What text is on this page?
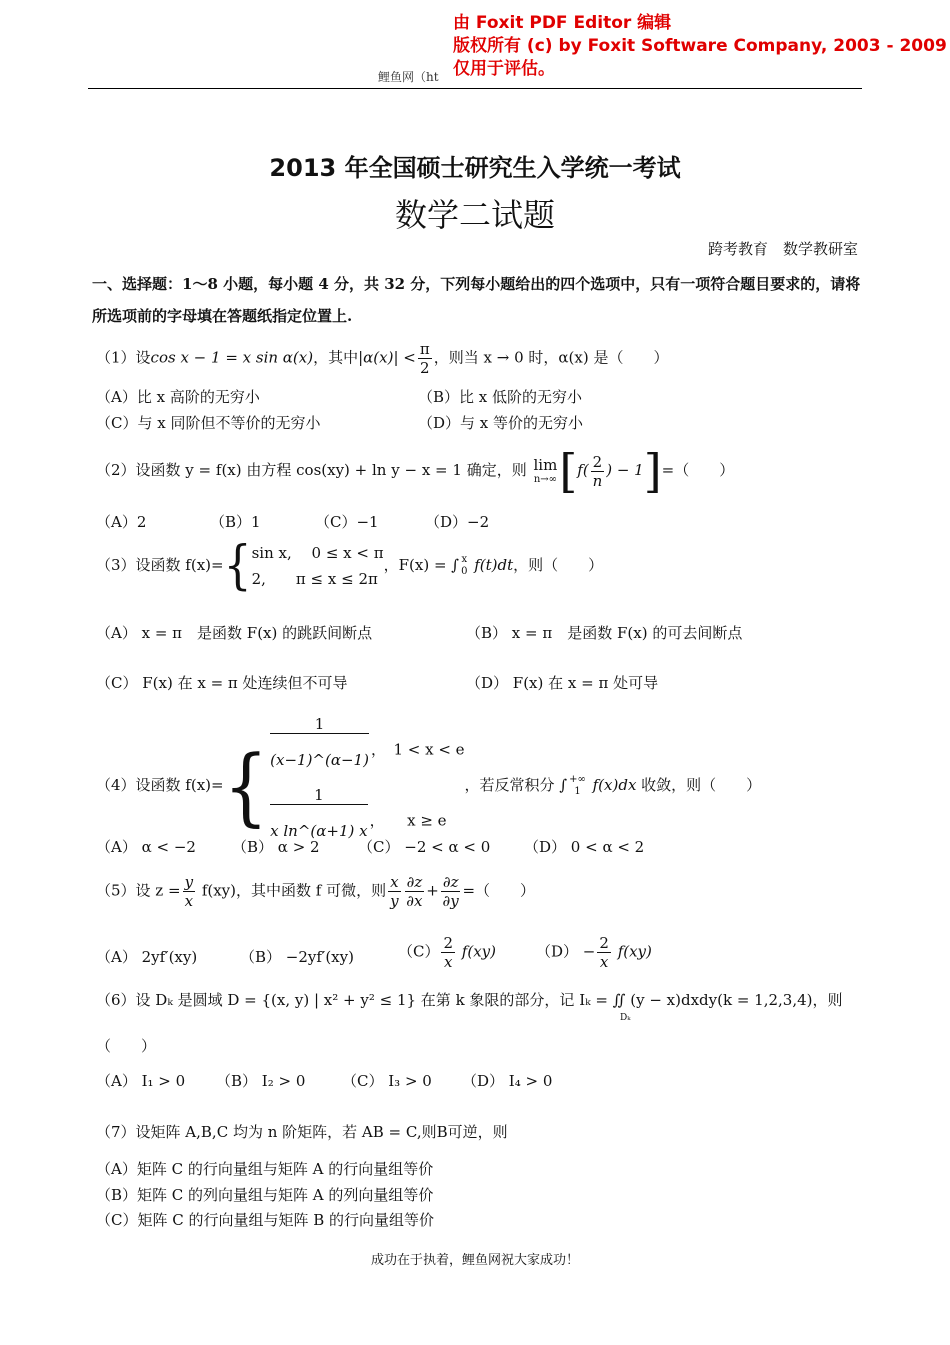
由 Foxit PDF Editor 编辑
版权所有 (c) by Foxit Software Company, 2003 - 2009
仅用于评估。
鲤鱼网（ht
2013 年全国硕士研究生入学统一考试
数学二试题
跨考教育　数学教研室
一、选择题：1～8 小题，每小题 4 分，共 32 分，下列每小题给出的四个选项中，只有一项符合题目要求的，请将所选项前的字母填在答题纸指定位置上.
（1）设cos x − 1 = x sin α(x)，其中$|\alpha(x)| < \frac{\pi}{2}$ ，则当 x → 0 时，α(x) 是（　　）
（A）比 x 高阶的无穷小	（B）比 x 低阶的无穷小
（C）与 x 同阶但不等价的无穷小	（D）与 x 等价的无穷小
（2）设函数 y = f(x) 由方程 cos(xy) + ln y − x = 1 确定，则 lim
n→∞ [$f( \frac{2}{n}$ ) − 1]=（　　）
（A）2	（B）1	（C）−1	（D）−2
（3）设函数 f(x)={ sin x,　 0 ≤ x < π
2,　　π ≤ x ≤ 2π
，F(x) = ∫ x
0 f(t)dt，则（　　）
（A） x = π　是函数 F(x) 的跳跃间断点	（B） x = π　是函数 F(x) 的可去间断点
（C） F(x) 在 x = π 处连续但不可导	（D） F(x) 在 x = π 处可导
（4）设函数 $f(x)=\{ \frac{1}{(x-1)\^{}(\alpha-1)}$ ，　1 < x < e
$\frac{1}{\text{x ln\textasciicircum{}(α+1) x}}$ ，　　x ≥ e
，若反常积分 ∫ +∞
1 f(x)dx 收敛，则（　　）
（A） α < −2 （B） α > 2	（C） −2 < α < 0 （D） 0 < α < 2
（5）设 $z = \frac{y}{x} f(xy)$，其中函数 f 可微，则 $\frac{x}{y} \frac{\partial z}{\partial x} + \frac{\partial z}{\partial y}$ =（　　）
（A） 2yf′(xy)	（B） −2yf′(xy)	$(C) \frac{2}{x} f(xy)$	$(D) - \frac{2}{x} f(xy)$
（6）设 Dₖ 是圆域 D = {(x, y) | x² + y² ≤ 1} 在第 k 象限的部分，记 Iₖ = ∬ (y − x)dxdy(k = 1,2,3,4)，则
Dₖ
（　　）
（A） I₁ > 0 （B） I₂ > 0 （C） I₃ > 0 （D） I₄ > 0
（7）设矩阵 A,B,C 均为 n 阶矩阵，若 AB = C,则B可逆，则
（A）矩阵 C 的行向量组与矩阵 A 的行向量组等价
（B）矩阵 C 的列向量组与矩阵 A 的列向量组等价
（C）矩阵 C 的行向量组与矩阵 B 的行向量组等价
成功在于执着，鲤鱼网祝大家成功！
